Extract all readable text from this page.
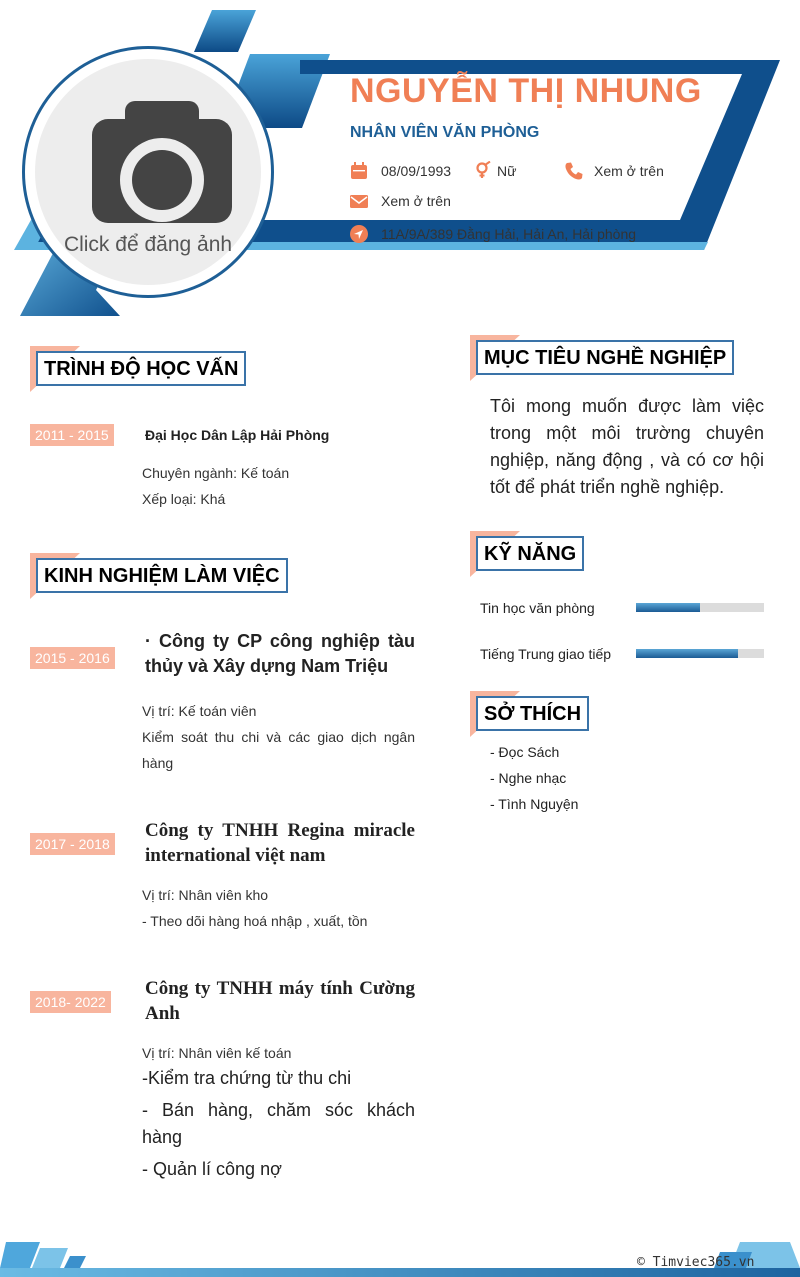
Click để đăng ảnh
NGUYỄN THỊ NHUNG
NHÂN VIÊN VĂN PHÒNG
08/09/1993	Nữ	Xem ở trên
Xem ở trên
11A/9A/389 Đằng Hải, Hải An, Hải phòng
TRÌNH ĐỘ HỌC VẤN
2011 - 2015	Đại Học Dân Lập Hải Phòng
Chuyên ngành: Kế toán
Xếp loại: Khá
KINH NGHIỆM LÀM VIỆC
2015 - 2016
· Công ty CP công nghiệp tàu thủy và Xây dựng Nam Triệu
Vị trí: Kế toán viên
Kiểm soát thu chi và các giao dịch ngân hàng
2017 - 2018
Công ty TNHH Regina miracle international việt nam
Vị trí: Nhân viên kho
- Theo dõi hàng hoá nhập , xuất, tồn
2018- 2022
Công ty TNHH máy tính Cường Anh
Vị trí: Nhân viên kế toán
-Kiểm tra chứng từ thu chi
- Bán hàng, chăm sóc khách hàng
- Quản lí công nợ
MỤC TIÊU NGHỀ NGHIỆP
Tôi mong muốn được làm việc trong một môi trường chuyên nghiệp, năng động , và có cơ hội tốt để phát triển nghề nghiệp.
KỸ NĂNG
Tin học văn phòng
Tiếng Trung giao tiếp
SỞ THÍCH
- Đọc Sách
- Nghe nhạc
- Tình Nguyện
© Timviec365.vn
